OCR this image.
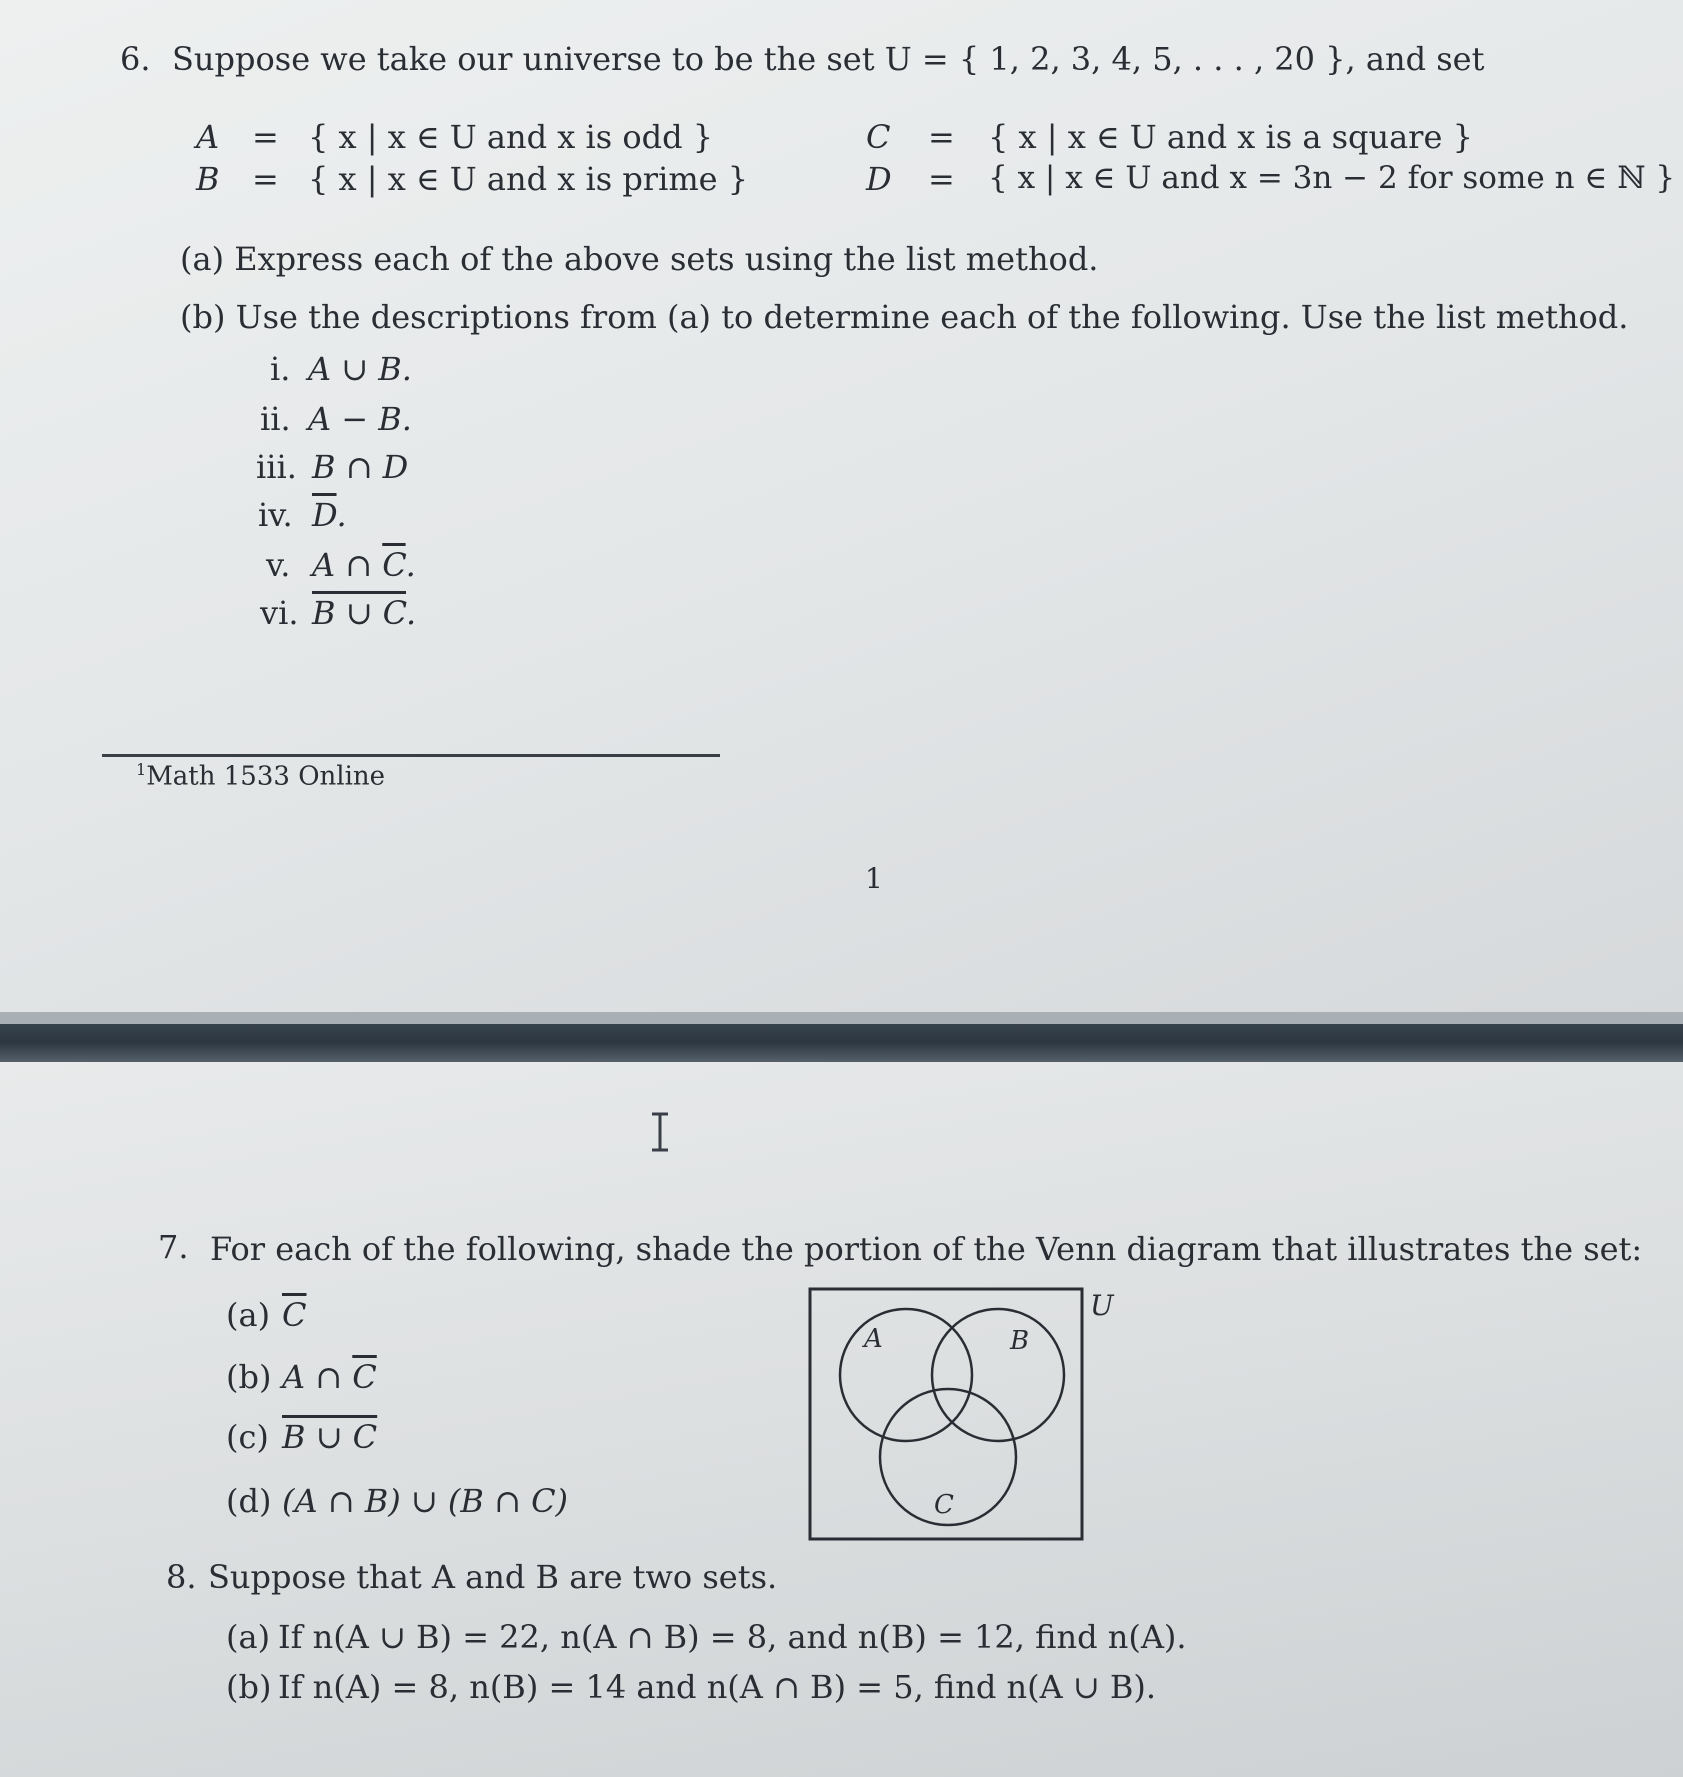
6. Suppose we take our universe to be the set U = { 1, 2, 3, 4, 5, . . . , 20 }, and set
A = { x | x ∈ U and x is odd }
B = { x | x ∈ U and x is prime }
C = { x | x ∈ U and x is a square }
D = { x | x ∈ U and x = 3n − 2 for some n ∈ ℕ }
(a) Express each of the above sets using the list method.
(b) Use the descriptions from (a) to determine each of the following. Use the list method.
i. A ∪ B.
ii. A − B.
iii. B ∩ D
iv. $\overline{D}$.
v. A ∩ $\overline{C}$.
vi. B ∪ C.
$^1$Math 1533 Online
1
7. For each of the following, shade the portion of the Venn diagram that illustrates the set:
(a) $\overline{C}$
(b) A ∩ $\overline{C}$
(c) B ∪ C
(d) (A ∩ B) ∪ (B ∩ C)
U
A	B
C
8. Suppose that A and B are two sets.
(a) If n(A ∪ B) = 22, n(A ∩ B) = 8, and n(B) = 12, find n(A).
(b) If n(A) = 8, n(B) = 14 and n(A ∩ B) = 5, find n(A ∪ B).
